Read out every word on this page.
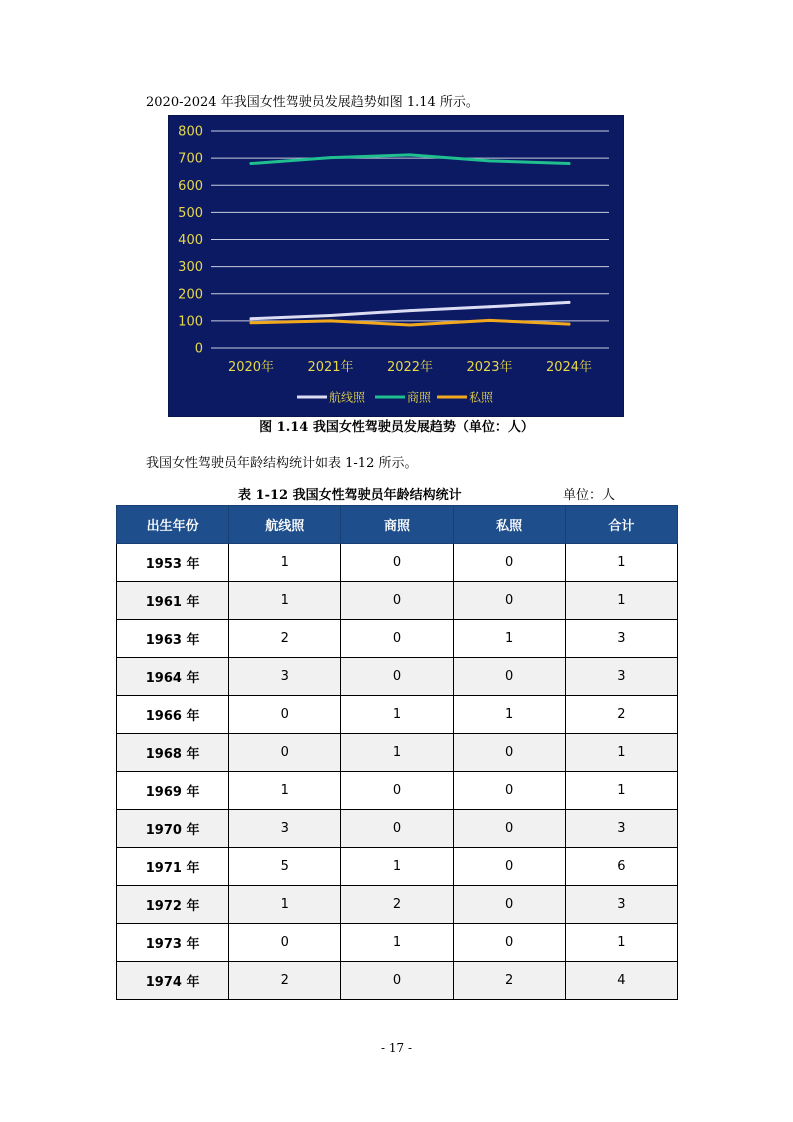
2020-2024 年我国女性驾驶员发展趋势如图 1.14 所示。
0
100
200
300
400
500
600
700
800
2020年	2021年	2022年	2023年	2024年
航线照	商照	私照
图 1.14 我国女性驾驶员发展趋势（单位：人）
我国女性驾驶员年龄结构统计如表 1-12 所示。
表 1-12 我国女性驾驶员年龄结构统计	单位：人
出生年份	航线照	商照	私照	合计
1953 年	1	0	0	1
1961 年	1	0	0	1
1963 年	2	0	1	3
1964 年	3	0	0	3
1966 年	0	1	1	2
1968 年	0	1	0	1
1969 年	1	0	0	1
1970 年	3	0	0	3
1971 年	5	1	0	6
1972 年	1	2	0	3
1973 年	0	1	0	1
1974 年	2	0	2	4
- 17 -
